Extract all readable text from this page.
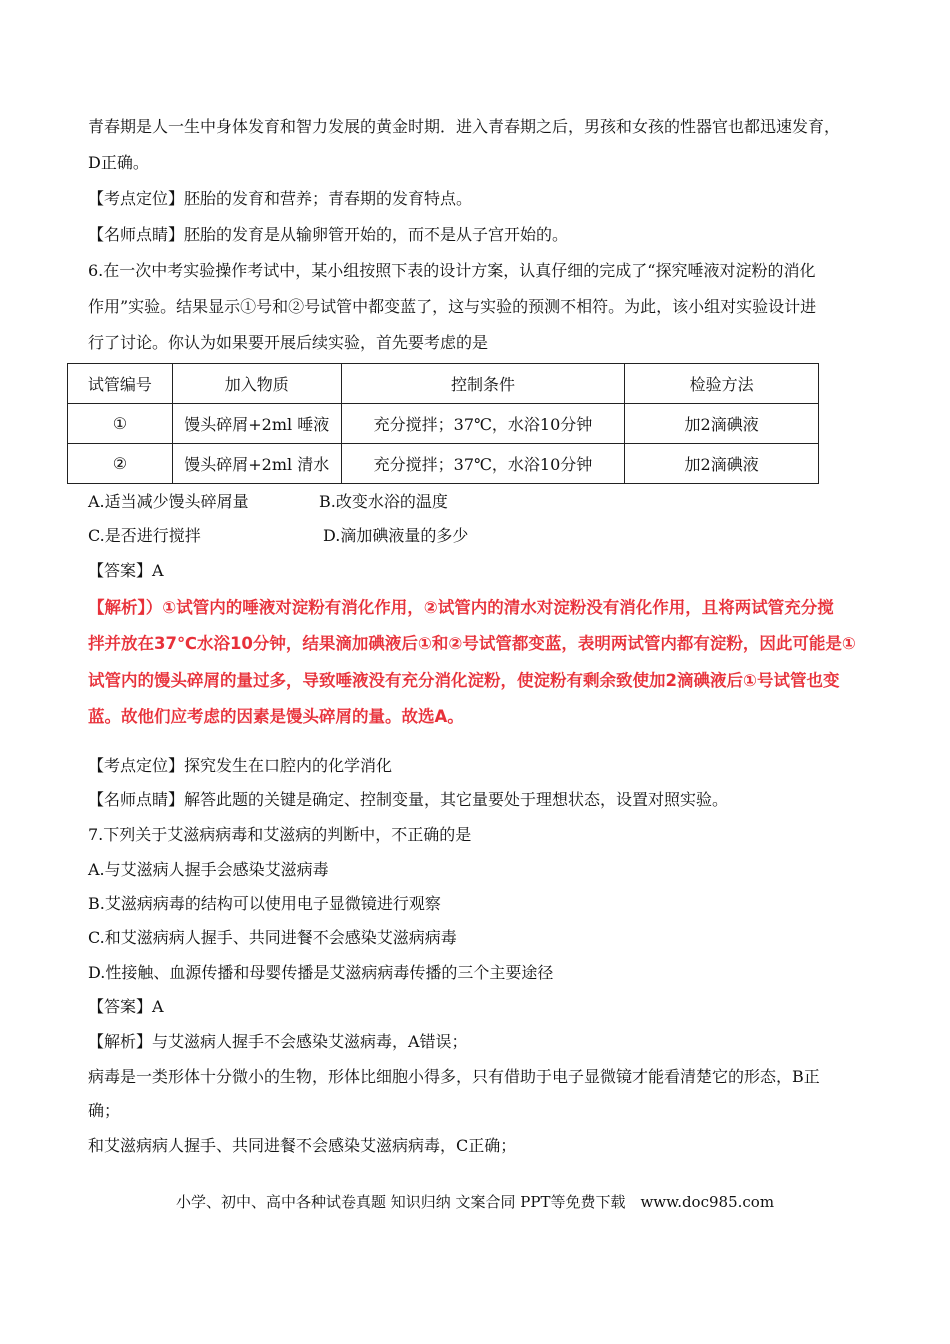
青春期是人一生中身体发育和智力发展的黄金时期．进入青春期之后，男孩和女孩的性器官也都迅速发育，
D正确。
【考点定位】胚胎的发育和营养；青春期的发育特点。
【名师点睛】胚胎的发育是从输卵管开始的，而不是从子宫开始的。
6.在一次中考实验操作考试中，某小组按照下表的设计方案，认真仔细的完成了“探究唾液对淀粉的消化
作用”实验。结果显示①号和②号试管中都变蓝了，这与实验的预测不相符。为此，该小组对实验设计进
行了讨论。你认为如果要开展后续实验，首先要考虑的是
试管编号	加入物质	控制条件	检验方法
①	馒头碎屑+2ml 唾液	充分搅拌；37℃，水浴10分钟	加2滴碘液
②	馒头碎屑+2ml 清水	充分搅拌；37℃，水浴10分钟	加2滴碘液
A.适当减少馒头碎屑量	B.改变水浴的温度
C.是否进行搅拌	D.滴加碘液量的多少
【答案】A
【解析】）①试管内的唾液对淀粉有消化作用，②试管内的清水对淀粉没有消化作用，且将两试管充分搅
拌并放在37℃水浴10分钟，结果滴加碘液后①和②号试管都变蓝，表明两试管内都有淀粉，因此可能是①
试管内的馒头碎屑的量过多，导致唾液没有充分消化淀粉，使淀粉有剩余致使加2滴碘液后①号试管也变
蓝。故他们应考虑的因素是馒头碎屑的量。故选A。
【考点定位】探究发生在口腔内的化学消化
【名师点睛】解答此题的关键是确定、控制变量，其它量要处于理想状态，设置对照实验。
7.下列关于艾滋病病毒和艾滋病的判断中，不正确的是
A.与艾滋病人握手会感染艾滋病毒
B.艾滋病病毒的结构可以使用电子显微镜进行观察
C.和艾滋病病人握手、共同进餐不会感染艾滋病病毒
D.性接触、血源传播和母婴传播是艾滋病病毒传播的三个主要途径
【答案】A
【解析】与艾滋病人握手不会感染艾滋病毒，A错误；
病毒是一类形体十分微小的生物，形体比细胞小得多，只有借助于电子显微镜才能看清楚它的形态，B正
确；
和艾滋病病人握手、共同进餐不会感染艾滋病病毒，C正确；
小学、初中、高中各种试卷真题 知识归纳 文案合同 PPT等免费下载　www.doc985.com
